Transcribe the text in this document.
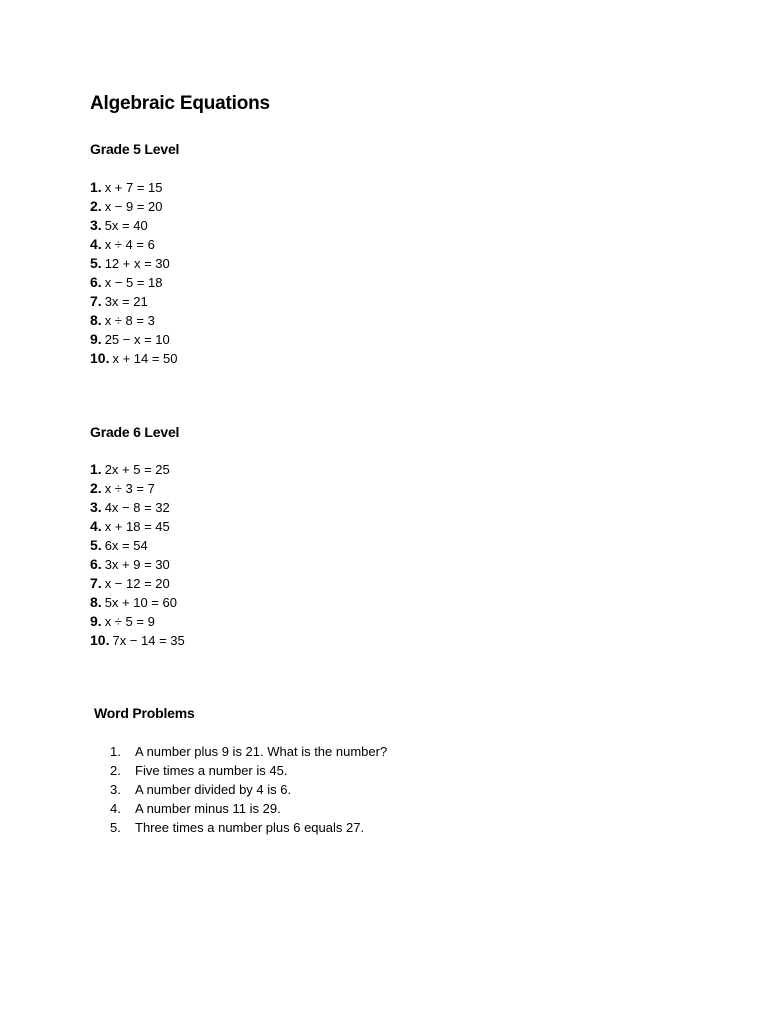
Algebraic Equations
Grade 5 Level
1. x + 7 = 15
2. x − 9 = 20
3. 5x = 40
4. x ÷ 4 = 6
5. 12 + x = 30
6. x − 5 = 18
7. 3x = 21
8. x ÷ 8 = 3
9. 25 − x = 10
10. x + 14 = 50
Grade 6 Level
1. 2x + 5 = 25
2. x ÷ 3 = 7
3. 4x − 8 = 32
4. x + 18 = 45
5. 6x = 54
6. 3x + 9 = 30
7. x − 12 = 20
8. 5x + 10 = 60
9. x ÷ 5 = 9
10. 7x − 14 = 35
Word Problems
1. A number plus 9 is 21. What is the number?
2. Five times a number is 45.
3. A number divided by 4 is 6.
4. A number minus 11 is 29.
5. Three times a number plus 6 equals 27.
